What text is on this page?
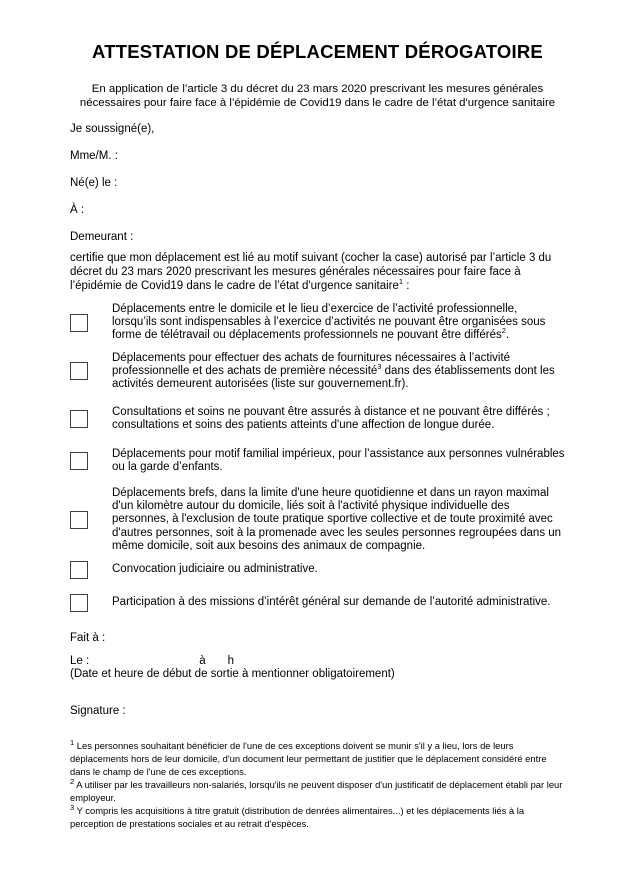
ATTESTATION DE DÉPLACEMENT DÉROGATOIRE

En application de l’article 3 du décret du 23 mars 2020 prescrivant les mesures générales nécessaires pour faire face à l’épidémie de Covid19 dans le cadre de l’état d'urgence sanitaire

Je soussigné(e),

Mme/M. :

Né(e) le :

À :

Demeurant :

certifie que mon déplacement est lié au motif suivant (cocher la case) autorisé par l’article 3 du décret du 23 mars 2020 prescrivant les mesures générales nécessaires pour faire face à l’épidémie de Covid19 dans le cadre de l’état d'urgence sanitaire$^1$ :

Déplacements entre le domicile et le lieu d’exercice de l’activité professionnelle, lorsqu’ils sont indispensables à l’exercice d’activités ne pouvant être organisées sous forme de télétravail ou déplacements professionnels ne pouvant être différés$^2$.

Déplacements pour effectuer des achats de fournitures nécessaires à l’activité professionnelle et des achats de première nécessité$^3$ dans des établissements dont les activités demeurent autorisées (liste sur gouvernement.fr).

Consultations et soins ne pouvant être assurés à distance et ne pouvant être différés ; consultations et soins des patients atteints d'une affection de longue durée.

Déplacements pour motif familial impérieux, pour l’assistance aux personnes vulnérables ou la garde d’enfants.

Déplacements brefs, dans la limite d'une heure quotidienne et dans un rayon maximal d'un kilomètre autour du domicile, liés soit à l'activité physique individuelle des personnes, à l'exclusion de toute pratique sportive collective et de toute proximité avec d'autres personnes, soit à la promenade avec les seules personnes regroupées dans un même domicile, soit aux besoins des animaux de compagnie.

Convocation judiciaire ou administrative.

Participation à des missions d’intérêt général sur demande de l’autorité administrative.

Fait à :

Le :	à h

(Date et heure de début de sortie à mentionner obligatoirement)

Signature :

$^1$ Les personnes souhaitant bénéficier de l'une de ces exceptions doivent se munir s'il y a lieu, lors de leurs déplacements hors de leur domicile, d'un document leur permettant de justifier que le déplacement considéré entre dans le champ de l'une de ces exceptions.

$^2$ A utiliser par les travailleurs non-salariés, lorsqu'ils ne peuvent disposer d'un justificatif de déplacement établi par leur employeur.

$^3$ Y compris les acquisitions à titre gratuit (distribution de denrées alimentaires...) et les déplacements liés à la perception de prestations sociales et au retrait d'espèces.
